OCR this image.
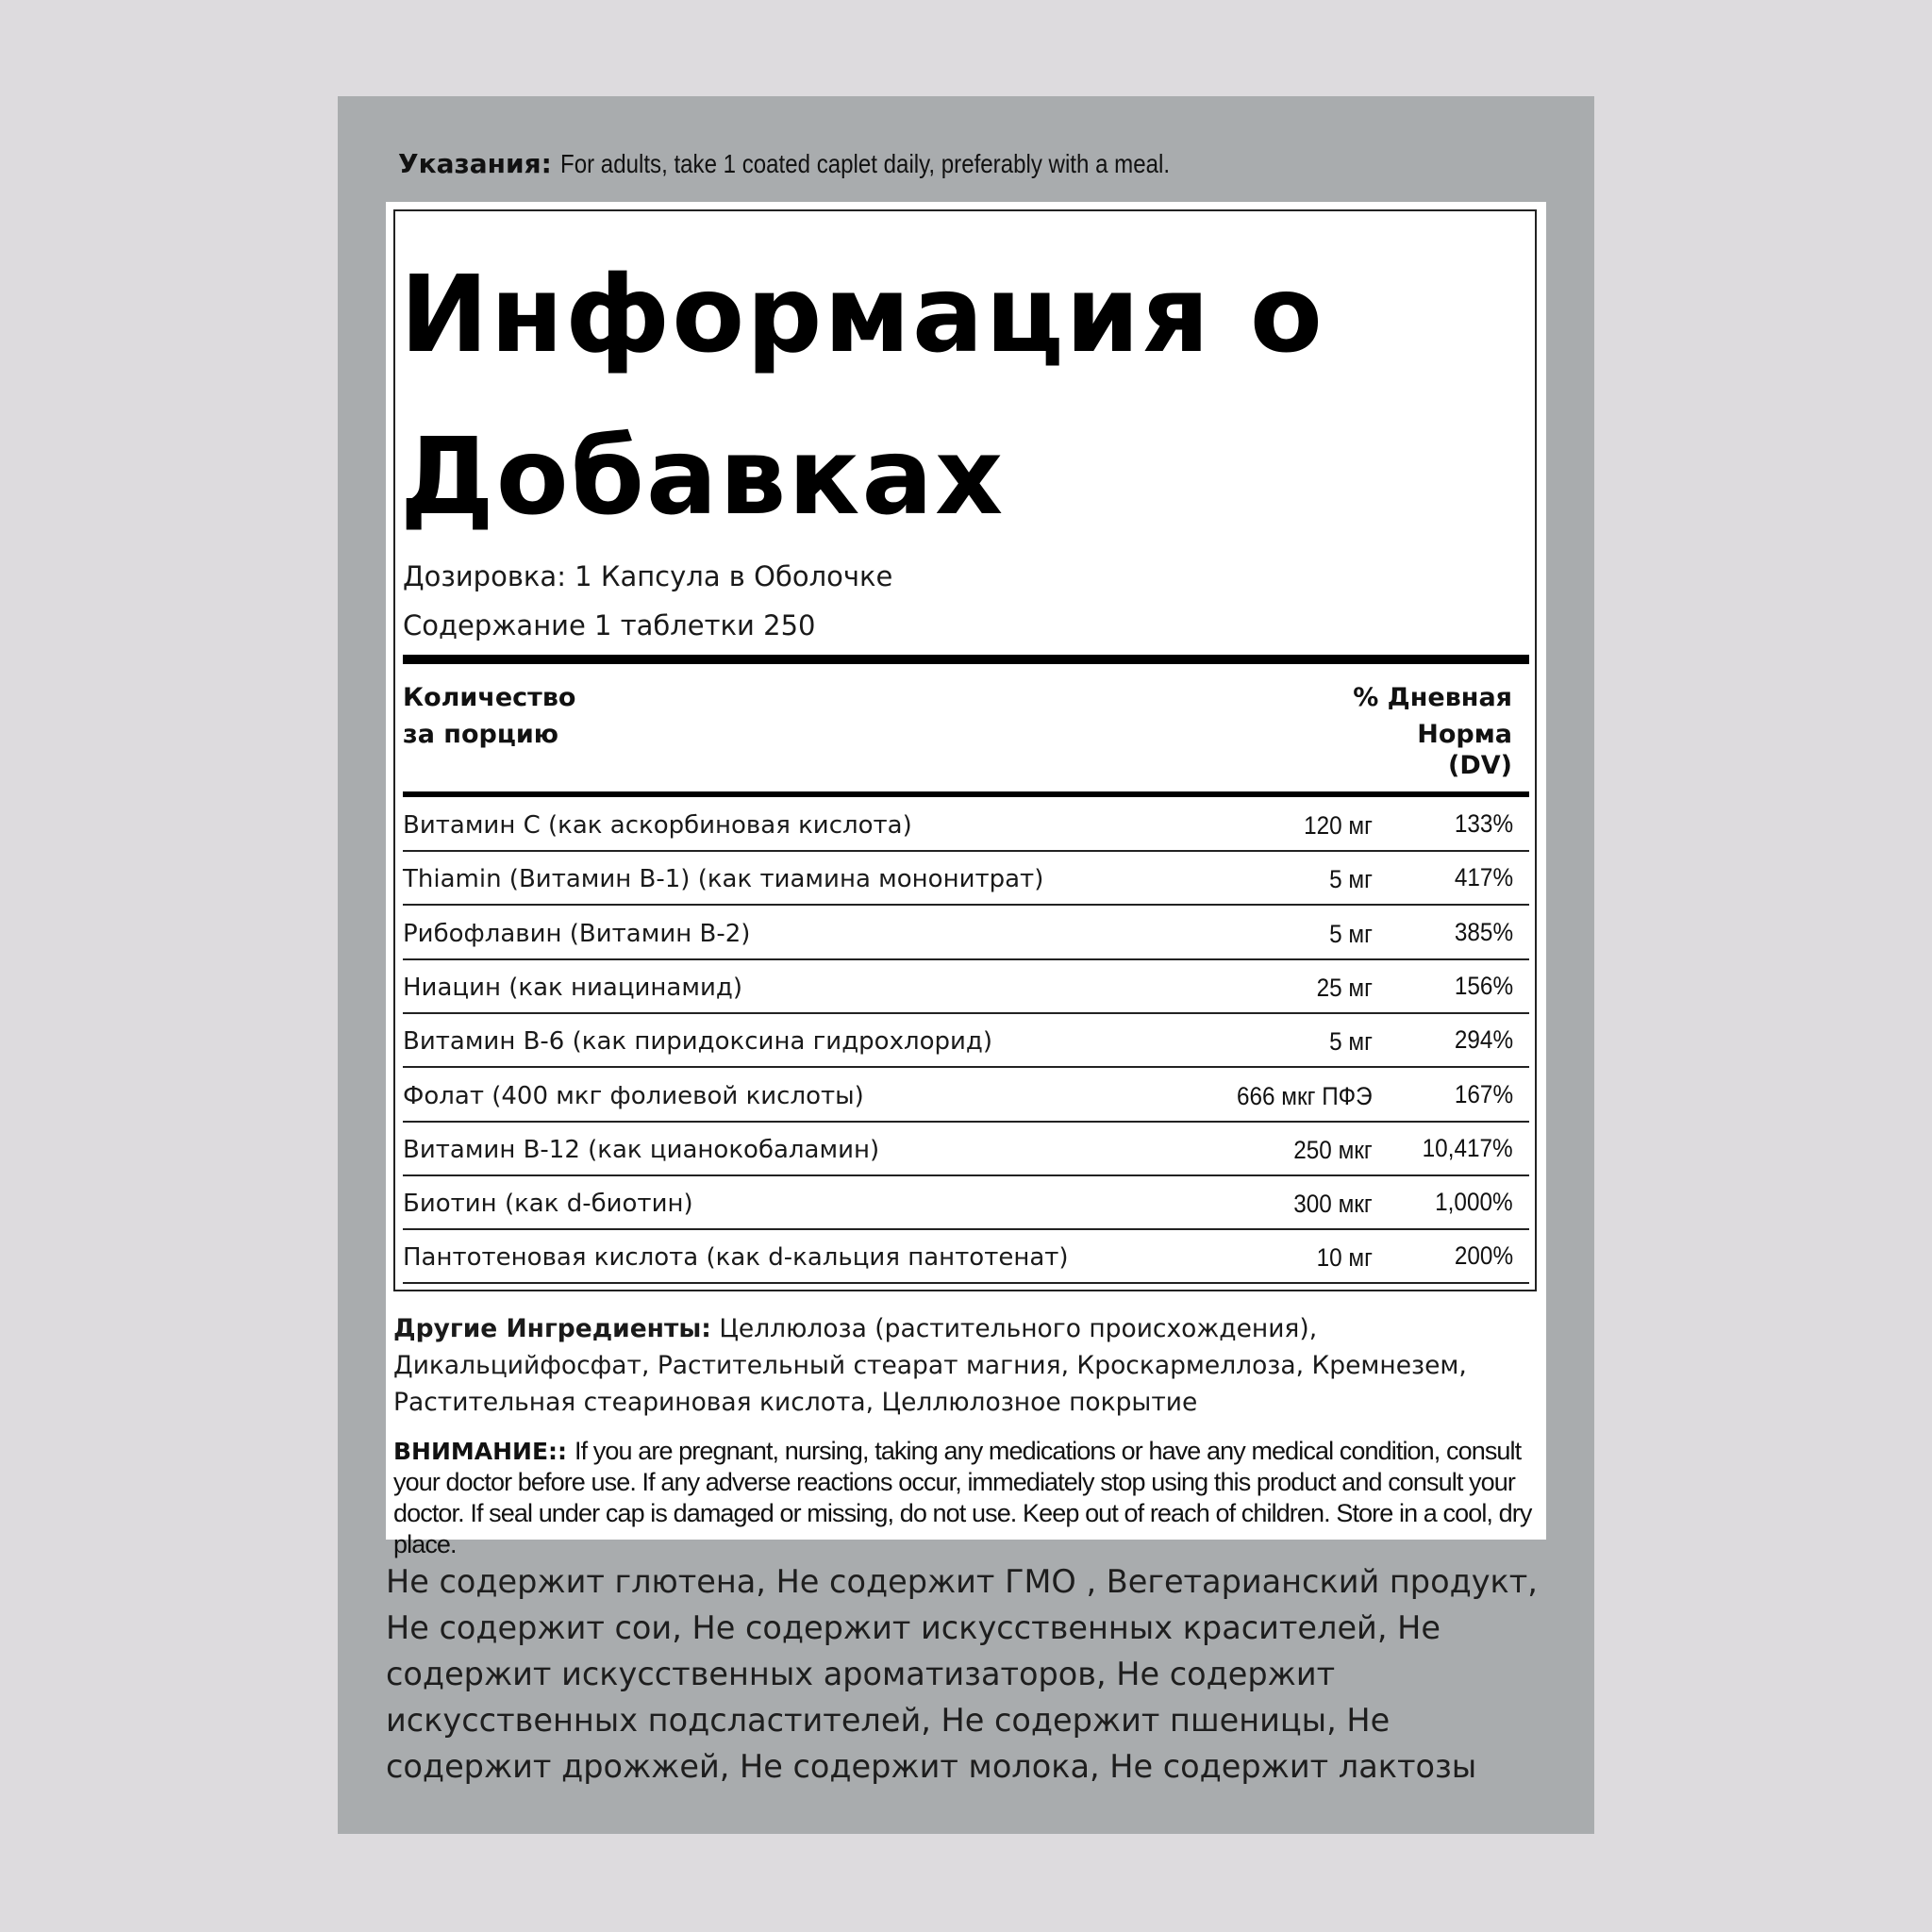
Указания: For adults, take 1 coated caplet daily, preferably with a meal.
Информация о Добавках
Дозировка: 1 Капсула в Оболочке
Содержание 1 таблетки 250
Количество
за порцию
% Дневная
Норма
(DV)
Витамин C (как аскорбиновая кислота)	120 мг	133%
Thiamin (Витамин B-1) (как тиамина мононитрат)	5 мг	417%
Рибофлавин (Витамин B-2)	5 мг	385%
Ниацин (как ниацинамид)	25 мг	156%
Витамин B-6 (как пиридоксина гидрохлорид)	5 мг	294%
Фолат (400 мкг фолиевой кислоты)	666 мкг ПФЭ	167%
Витамин B-12 (как цианокобаламин)	250 мкг 10,417%
Биотин (как d-биотин)	300 мкг 1,000%
Пантотеновая кислота (как d-кальция пантотенат)	10 мг	200%
Другие Ингредиенты: Целлюлоза (растительного происхождения), Дикальцийфосфат, Растительный стеарат магния, Кроскармеллоза, Кремнезем, Растительная стеариновая кислота, Целлюлозное покрытие
ВНИМАНИЕ:: If you are pregnant, nursing, taking any medications or have any medical condition, consult your doctor before use. If any adverse reactions occur, immediately stop using this product and consult your doctor. If seal under cap is damaged or missing, do not use. Keep out of reach of children. Store in a cool, dry place.
Не содержит глютена, Не содержит ГМО , Вегетарианский продукт, Не содержит сои, Не содержит искусственных красителей, Не содержит искусственных ароматизаторов, Не содержит искусственных подсластителей, Не содержит пшеницы, Не содержит дрожжей, Не содержит молока, Не содержит лактозы
